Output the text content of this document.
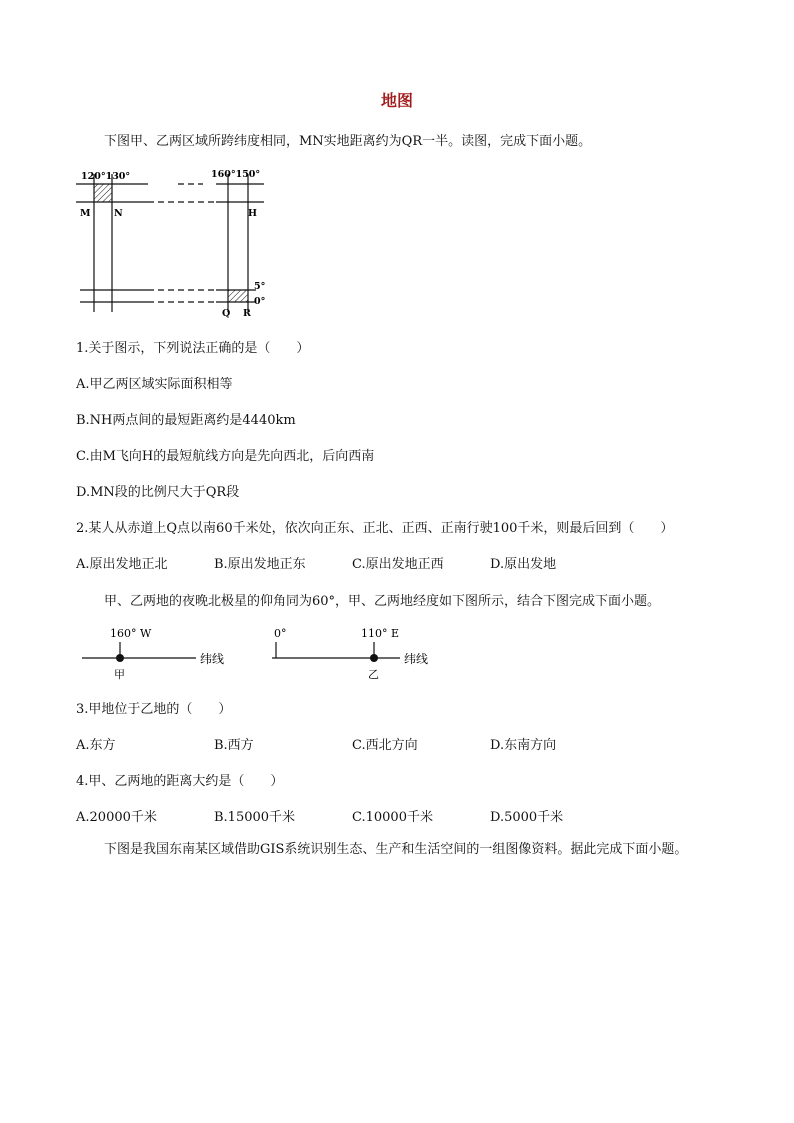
地图
下图甲、乙两区域所跨纬度相同，MN实地距离约为QR一半。读图，完成下面小题。
120°130°	160°150°
M N	H
5°
0°
Q R
1.关于图示，下列说法正确的是（　　）
A.甲乙两区域实际面积相等
B.NH两点间的最短距离约是4440km
C.由M飞向H的最短航线方向是先向西北，后向西南
D.MN段的比例尺大于QR段
2.某人从赤道上Q点以南60千米处，依次向正东、正北、正西、正南行驶100千米，则最后回到（　　）
A.原出发地正北	B.原出发地正东	C.原出发地正西	D.原出发地
甲、乙两地的夜晚北极星的仰角同为60°，甲、乙两地经度如下图所示，结合下图完成下面小题。
160° W
纬线
甲
0°	110° E
纬线
乙
3.甲地位于乙地的（　　）
A.东方	B.西方	C.西北方向	D.东南方向
4.甲、乙两地的距离大约是（　　）
A.20000千米	B.15000千米	C.10000千米	D.5000千米
下图是我国东南某区域借助GIS系统识别生态、生产和生活空间的一组图像资料。据此完成下面小题。
